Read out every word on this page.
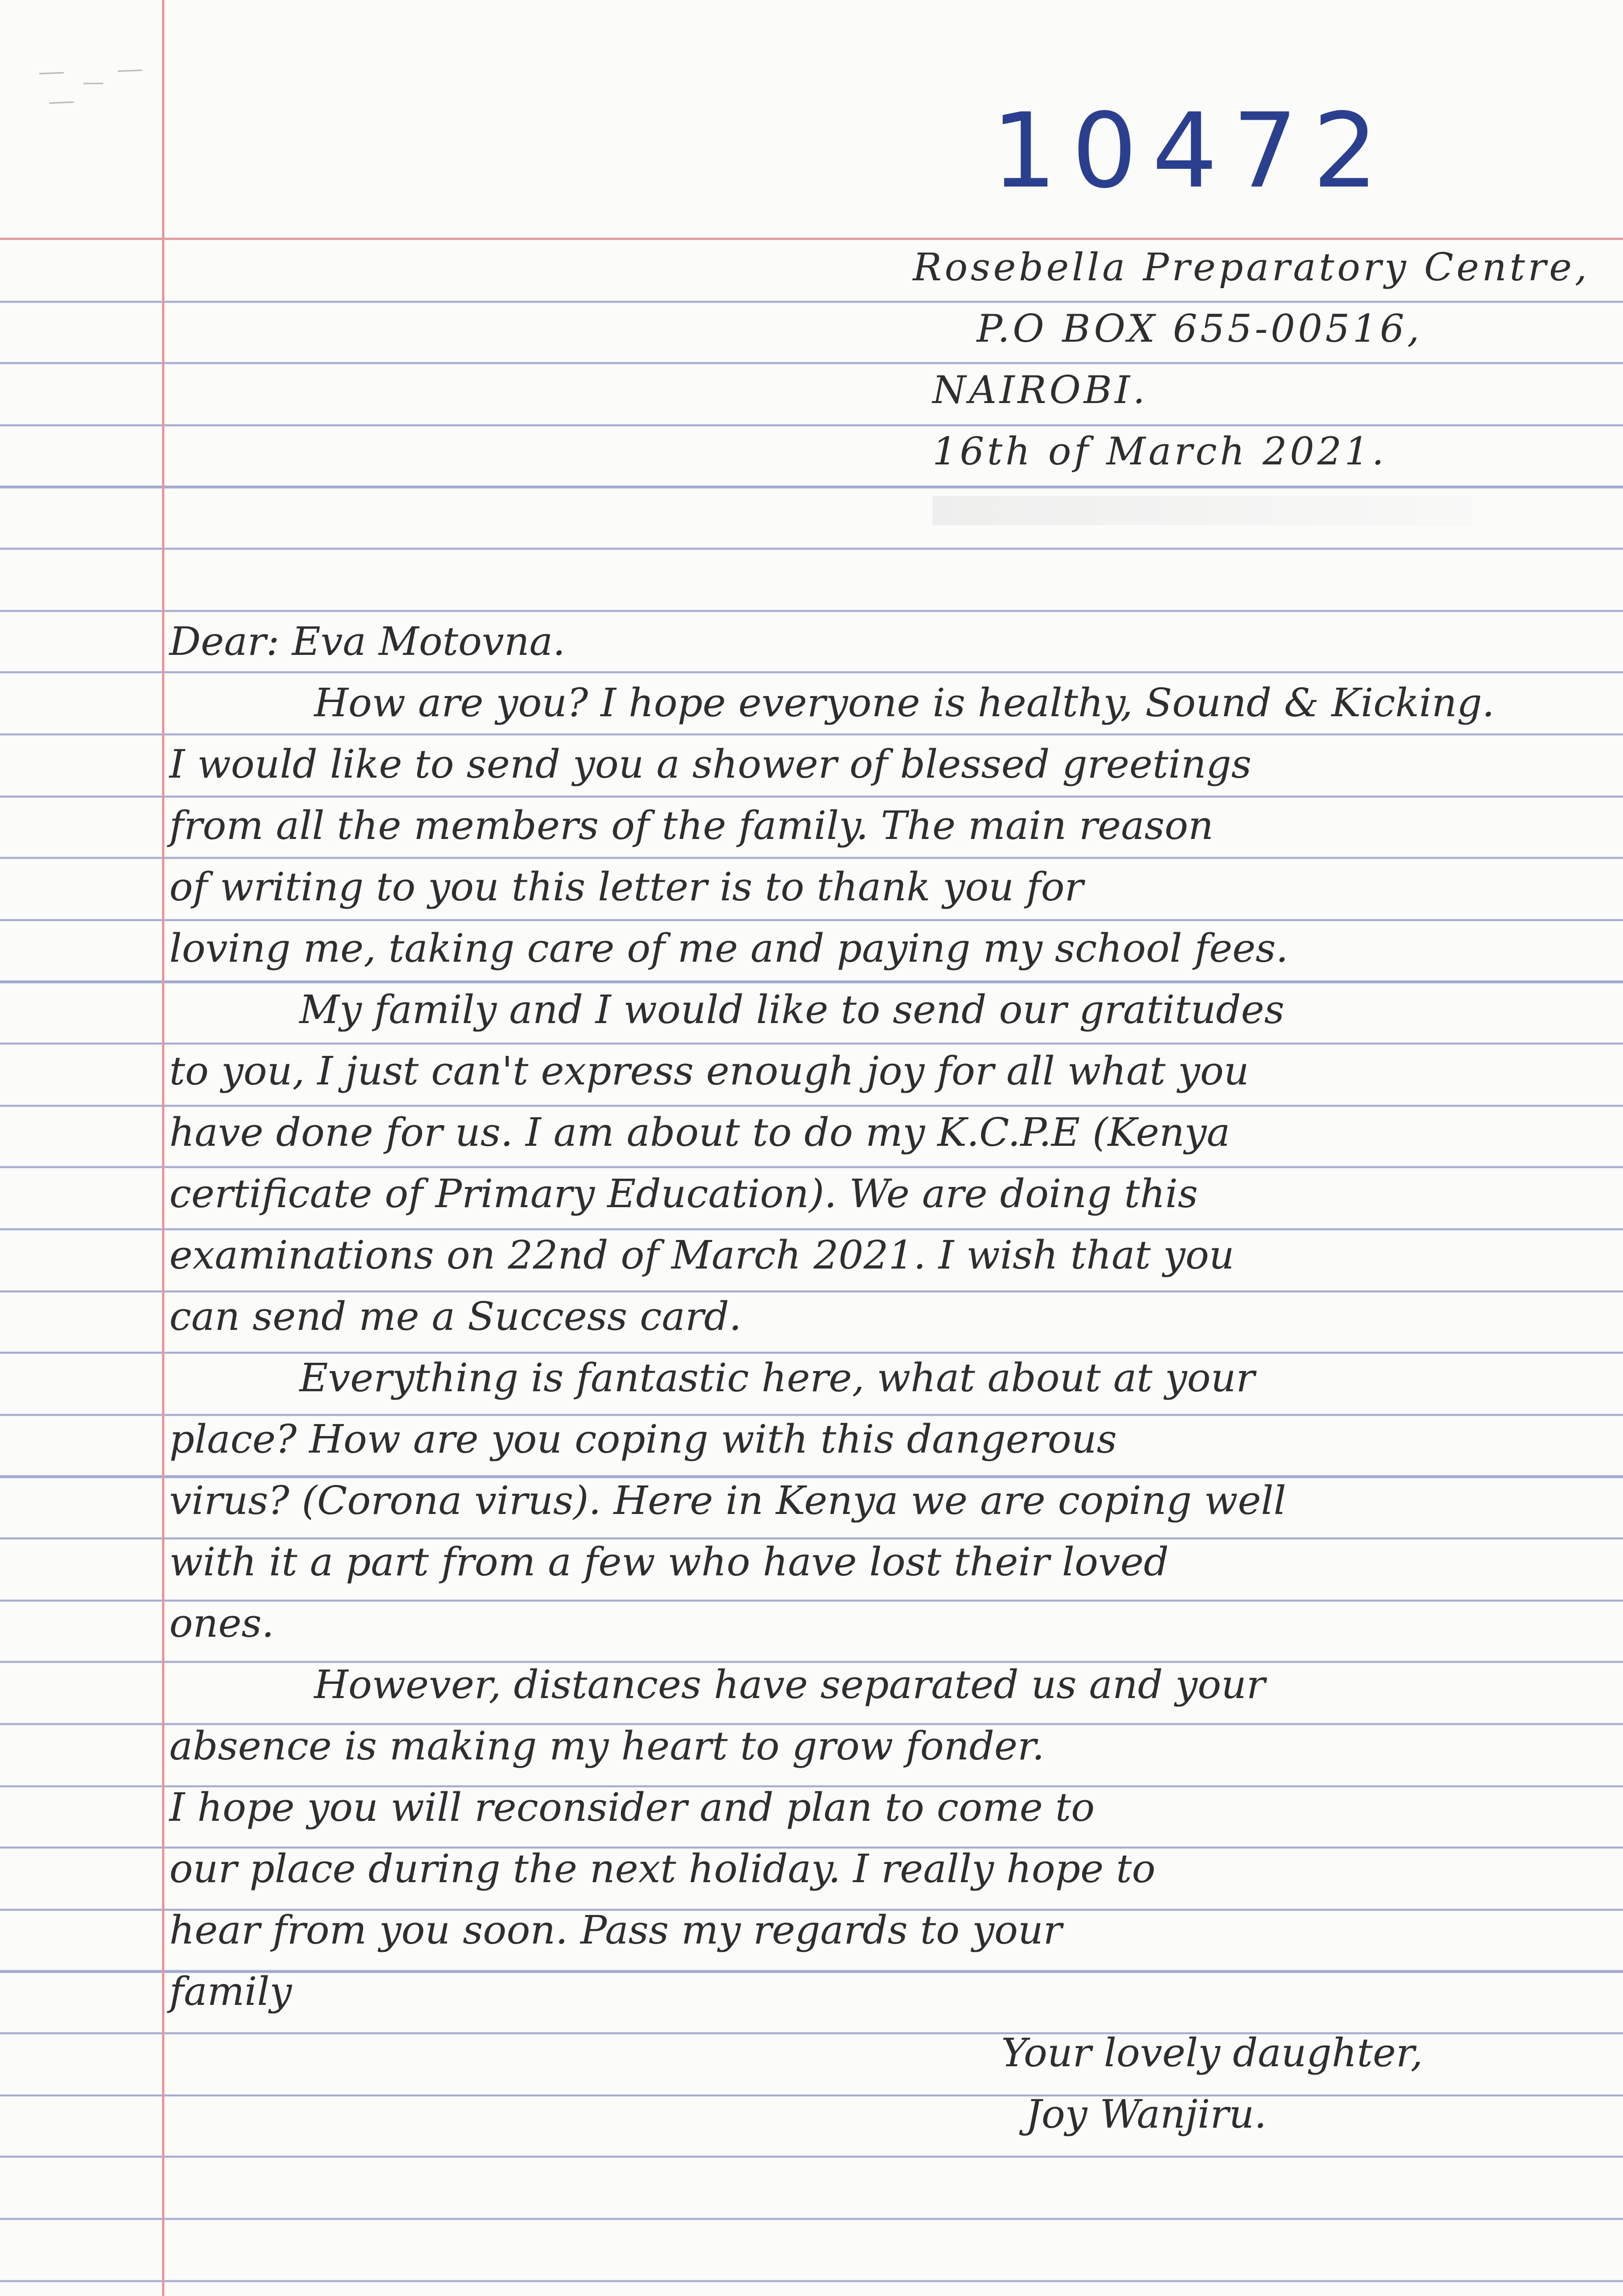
10472
Rosebella Preparatory Centre,
P.O BOX 655-00516,
NAIROBI.
16th of March 2021.
Dear: Eva Motovna.
How are you? I hope everyone is healthy, Sound & Kicking.
I would like to send you a shower of blessed greetings
from all the members of the family. The main reason
of writing to you this letter is to thank you for
loving me, taking care of me and paying my school fees.
My family and I would like to send our gratitudes
to you, I just can't express enough joy for all what you
have done for us. I am about to do my K.C.P.E (Kenya
certificate of Primary Education). We are doing this
examinations on 22nd of March 2021. I wish that you
can send me a Success card.
Everything is fantastic here, what about at your
place? How are you coping with this dangerous
virus? (Corona virus). Here in Kenya we are coping well
with it a part from a few who have lost their loved
ones.
However, distances have separated us and your
absence is making my heart to grow fonder.
I hope you will reconsider and plan to come to
our place during the next holiday. I really hope to
hear from you soon. Pass my regards to your
family
Your lovely daughter,
Joy Wanjiru.
